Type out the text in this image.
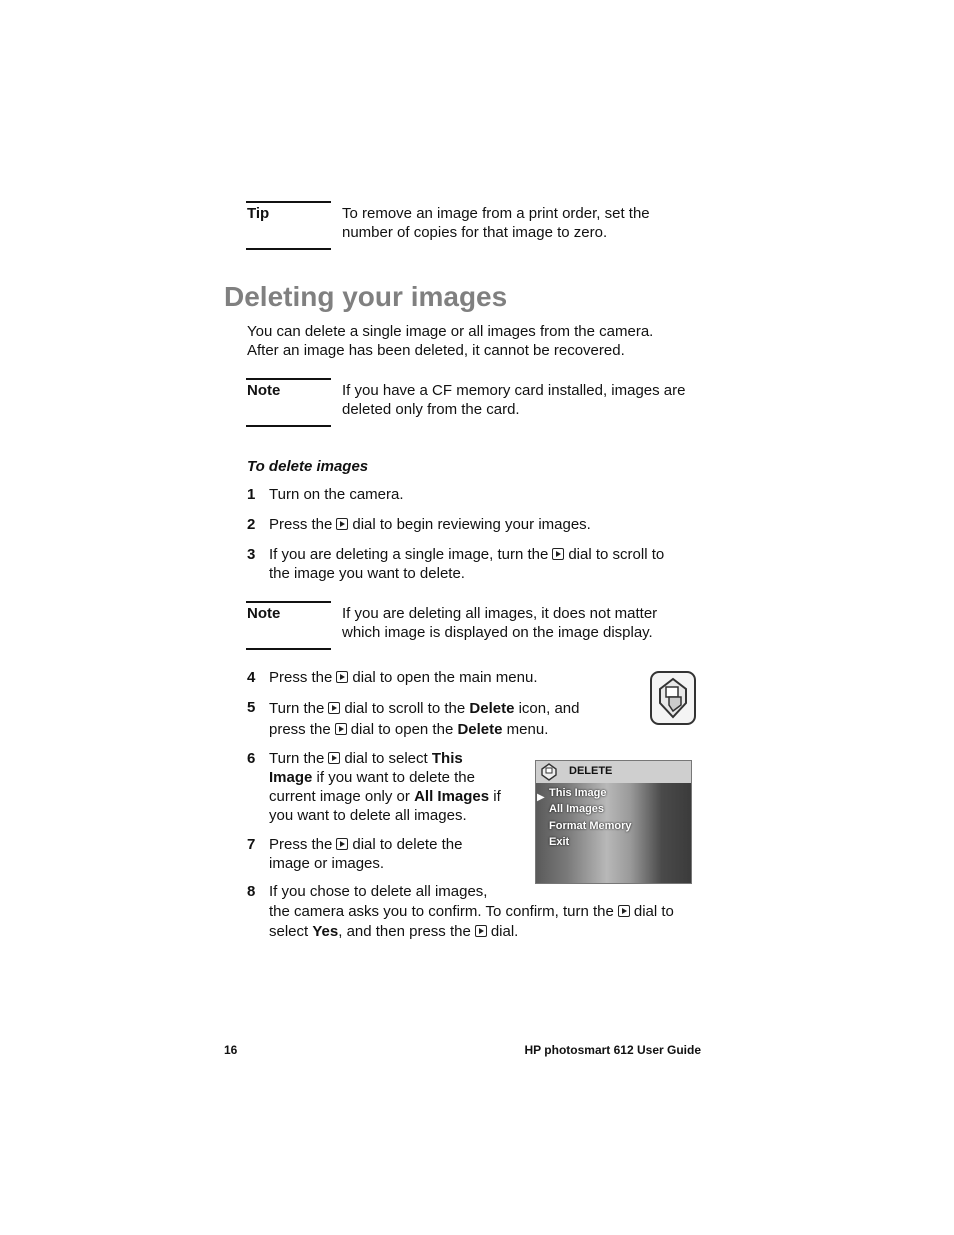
Tip	To remove an image from a print order, set the
number of copies for that image to zero.
Deleting your images
You can delete a single image or all images from the camera.
After an image has been deleted, it cannot be recovered.
Note	If you have a CF memory card installed, images are
deleted only from the card.
To delete images
1 Turn on the camera.
2 Press the dial to begin reviewing your images.
3 If you are deleting a single image, turn the dial to scroll to
the image you want to delete.
Note	If you are deleting all images, it does not matter
which image is displayed on the image display.
4 Press the dial to open the main menu.
5 Turn the dial to scroll to the Delete icon, and
press the dial to open the Delete menu.
6 Turn the dial to select This
Image if you want to delete the
current image only or All Images if
you want to delete all images.
DELETE
▶ This Image
All Images
Format Memory
Exit
7 Press the dial to delete the
image or images.
8 If you chose to delete all images,
the camera asks you to confirm. To confirm, turn the dial to
select Yes, and then press the dial.
16	HP photosmart 612 User Guide
